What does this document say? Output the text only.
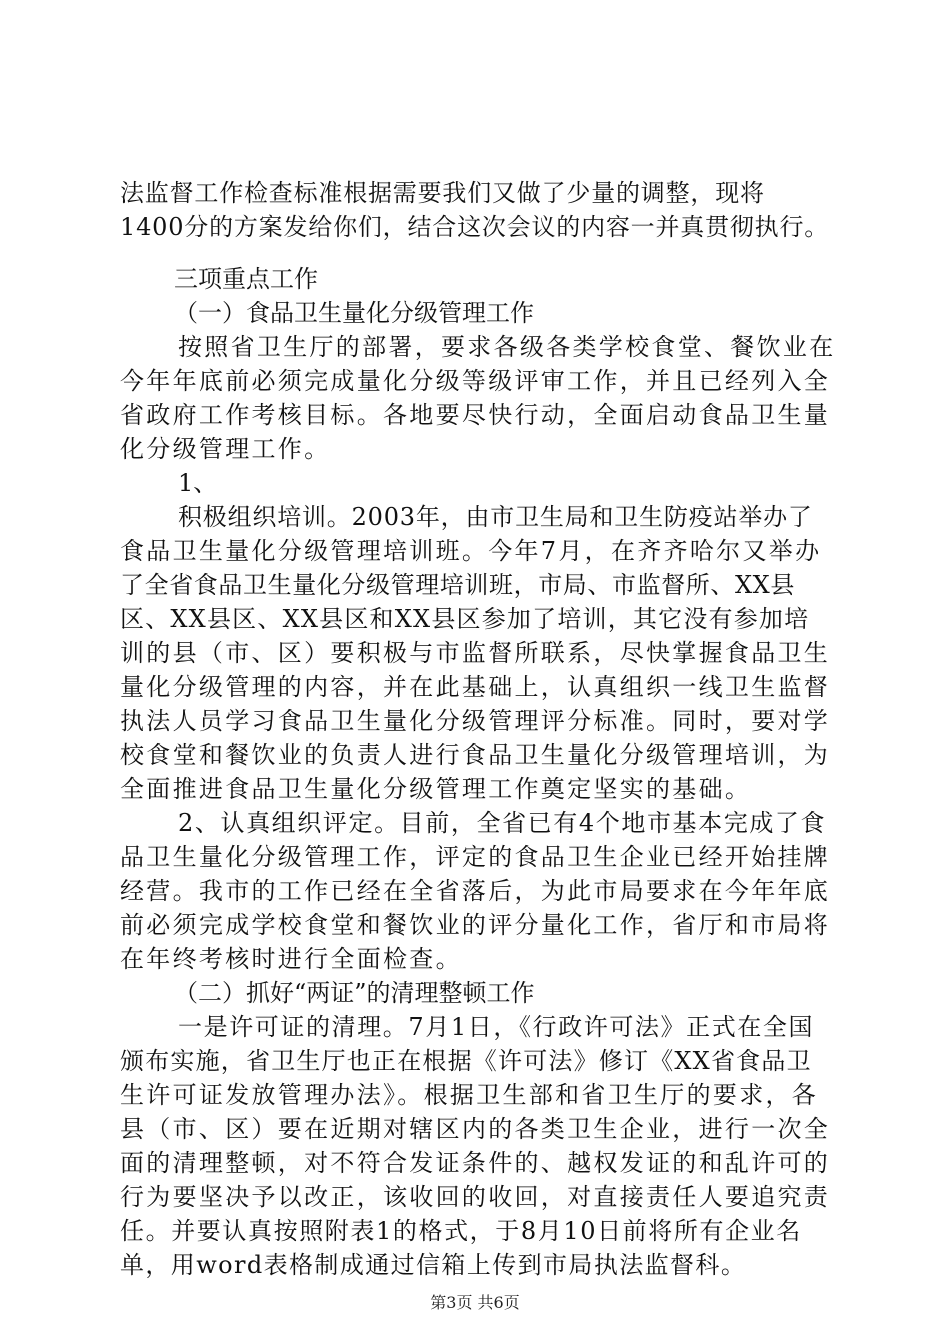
法监督工作检查标准根据需要我们又做了少量的调整，现将
1400分的方案发给你们，结合这次会议的内容一并真贯彻执行。
三项重点工作
（一）食品卫生量化分级管理工作
按照省卫生厅的部署，要求各级各类学校食堂、餐饮业在
今年年底前必须完成量化分级等级评审工作，并且已经列入全
省政府工作考核目标。各地要尽快行动，全面启动食品卫生量
化分级管理工作。
1、
积极组织培训。2003年，由市卫生局和卫生防疫站举办了
食品卫生量化分级管理培训班。今年7月，在齐齐哈尔又举办
了全省食品卫生量化分级管理培训班，市局、市监督所、XX县
区、XX县区、XX县区和XX县区参加了培训，其它没有参加培
训的县（市、区）要积极与市监督所联系，尽快掌握食品卫生
量化分级管理的内容，并在此基础上，认真组织一线卫生监督
执法人员学习食品卫生量化分级管理评分标准。同时，要对学
校食堂和餐饮业的负责人进行食品卫生量化分级管理培训，为
全面推进食品卫生量化分级管理工作奠定坚实的基础。
2、认真组织评定。目前，全省已有4个地市基本完成了食
品卫生量化分级管理工作，评定的食品卫生企业已经开始挂牌
经营。我市的工作已经在全省落后，为此市局要求在今年年底
前必须完成学校食堂和餐饮业的评分量化工作，省厅和市局将
在年终考核时进行全面检查。
（二）抓好“两证”的清理整顿工作
一是许可证的清理。7月1日，《行政许可法》正式在全国
颁布实施，省卫生厅也正在根据《许可法》修订《XX省食品卫
生许可证发放管理办法》。根据卫生部和省卫生厅的要求，各
县（市、区）要在近期对辖区内的各类卫生企业，进行一次全
面的清理整顿，对不符合发证条件的、越权发证的和乱许可的
行为要坚决予以改正，该收回的收回，对直接责任人要追究责
任。并要认真按照附表1的格式，于8月10日前将所有企业名
单，用word表格制成通过信箱上传到市局执法监督科。
第3页 共6页
